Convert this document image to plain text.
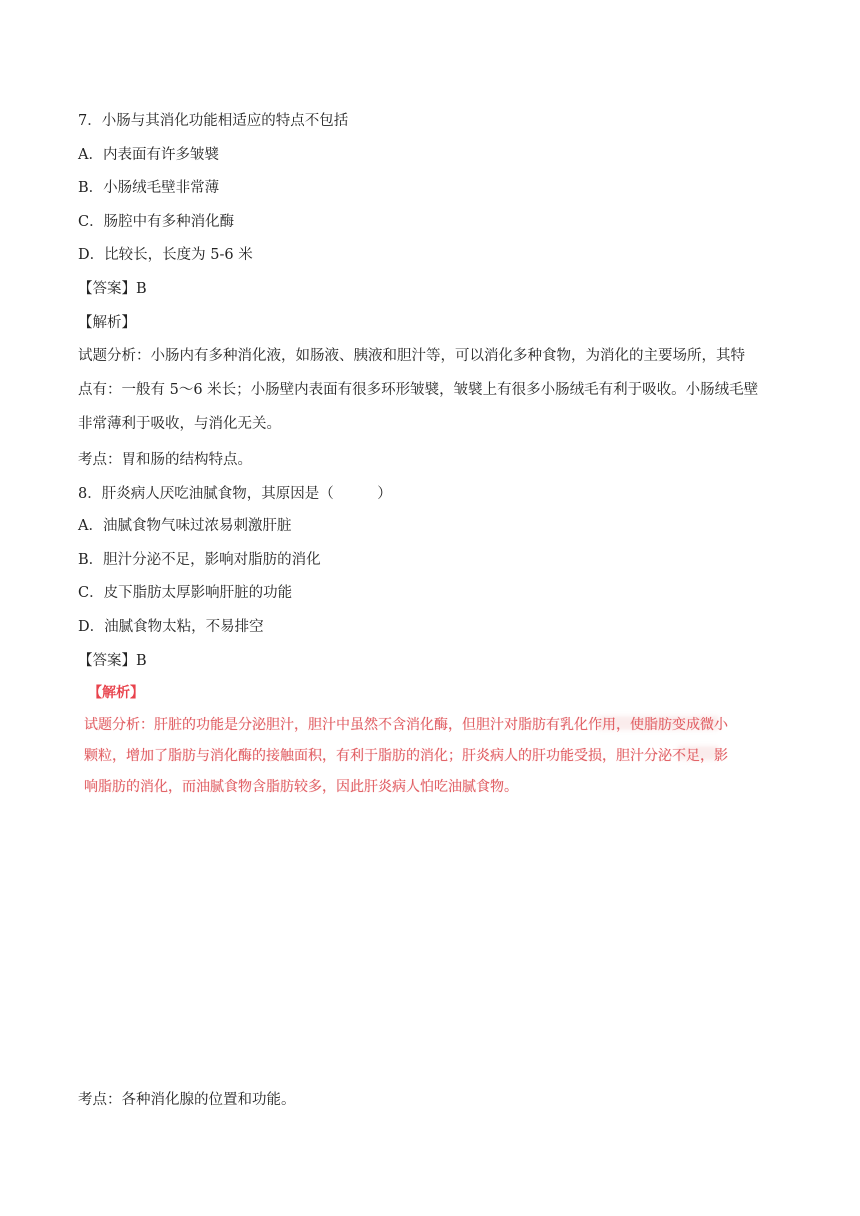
7．小肠与其消化功能相适应的特点不包括
A．内表面有许多皱襞
B．小肠绒毛壁非常薄
C．肠腔中有多种消化酶
D．比较长，长度为 5-6 米
【答案】B
【解析】
试题分析：小肠内有多种消化液，如肠液、胰液和胆汁等，可以消化多种食物，为消化的主要场所，其特
点有：一般有 5～6 米长；小肠壁内表面有很多环形皱襞，皱襞上有很多小肠绒毛有利于吸收。小肠绒毛壁
非常薄利于吸收，与消化无关。
考点：胃和肠的结构特点。
8．肝炎病人厌吃油腻食物，其原因是（　　　）
A．油腻食物气味过浓易刺激肝脏
B．胆汁分泌不足，影响对脂肪的消化
C．皮下脂肪太厚影响肝脏的功能
D．油腻食物太粘，不易排空
【答案】B
【解析】
试题分析：肝脏的功能是分泌胆汁，胆汁中虽然不含消化酶，但胆汁对脂肪有乳化作用，使脂肪变成微小
颗粒，增加了脂肪与消化酶的接触面积，有利于脂肪的消化；肝炎病人的肝功能受损，胆汁分泌不足，影
响脂肪的消化，而油腻食物含脂肪较多，因此肝炎病人怕吃油腻食物。
考点：各种消化腺的位置和功能。
